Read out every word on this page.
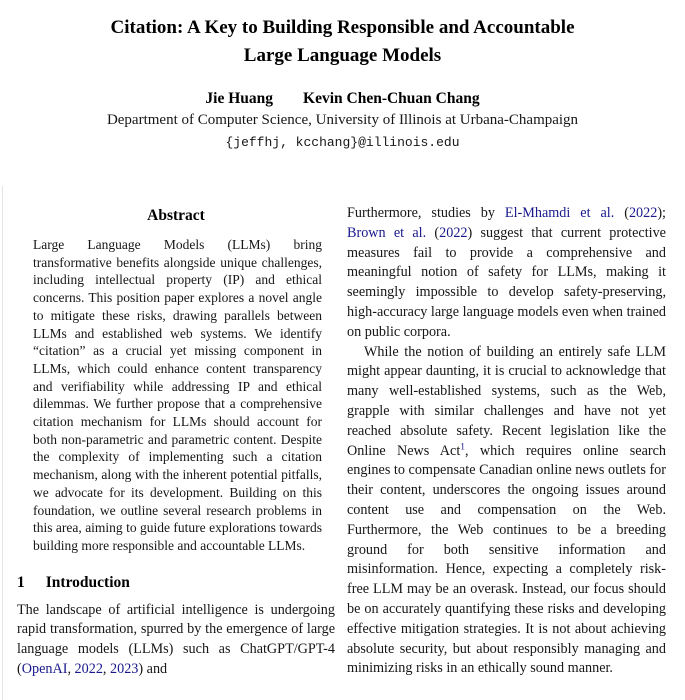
Citation: A Key to Building Responsible and Accountable
Large Language Models
Jie Huang Kevin Chen-Chuan Chang
Department of Computer Science, University of Illinois at Urbana-Champaign
{jeffhj, kcchang}@illinois.edu
Abstract

Large Language Models (LLMs) bring transformative benefits alongside unique challenges, including intellectual property (IP) and ethical concerns. This position paper explores a novel angle to mitigate these risks, drawing parallels between LLMs and established web systems. We identify “citation” as a crucial yet missing component in LLMs, which could enhance content transparency and verifiability while addressing IP and ethical dilemmas. We further propose that a comprehensive citation mechanism for LLMs should account for both non-parametric and parametric content. Despite the complexity of implementing such a citation mechanism, along with the inherent potential pitfalls, we advocate for its development. Building on this foundation, we outline several research problems in this area, aiming to guide future explorations towards building more responsible and accountable LLMs.

1 Introduction

The landscape of artificial intelligence is undergoing rapid transformation, spurred by the emergence of large language models (LLMs) such as ChatGPT/GPT-4 (OpenAI, 2022, 2023) and

Furthermore, studies by El-Mhamdi et al. (2022); Brown et al. (2022) suggest that current protective measures fail to provide a comprehensive and meaningful notion of safety for LLMs, making it seemingly impossible to develop safety-preserving, high-accuracy large language models even when trained on public corpora.

While the notion of building an entirely safe LLM might appear daunting, it is crucial to acknowledge that many well-established systems, such as the Web, grapple with similar challenges and have not yet reached absolute safety. Recent legislation like the Online News Act$^1$, which requires online search engines to compensate Canadian online news outlets for their content, underscores the ongoing issues around content use and compensation on the Web. Furthermore, the Web continues to be a breeding ground for both sensitive information and misinformation. Hence, expecting a completely risk-free LLM may be an overask. Instead, our focus should be on accurately quantifying these risks and developing effective mitigation strategies. It is not about achieving absolute security, but about responsibly managing and minimizing risks in an ethically sound manner.
